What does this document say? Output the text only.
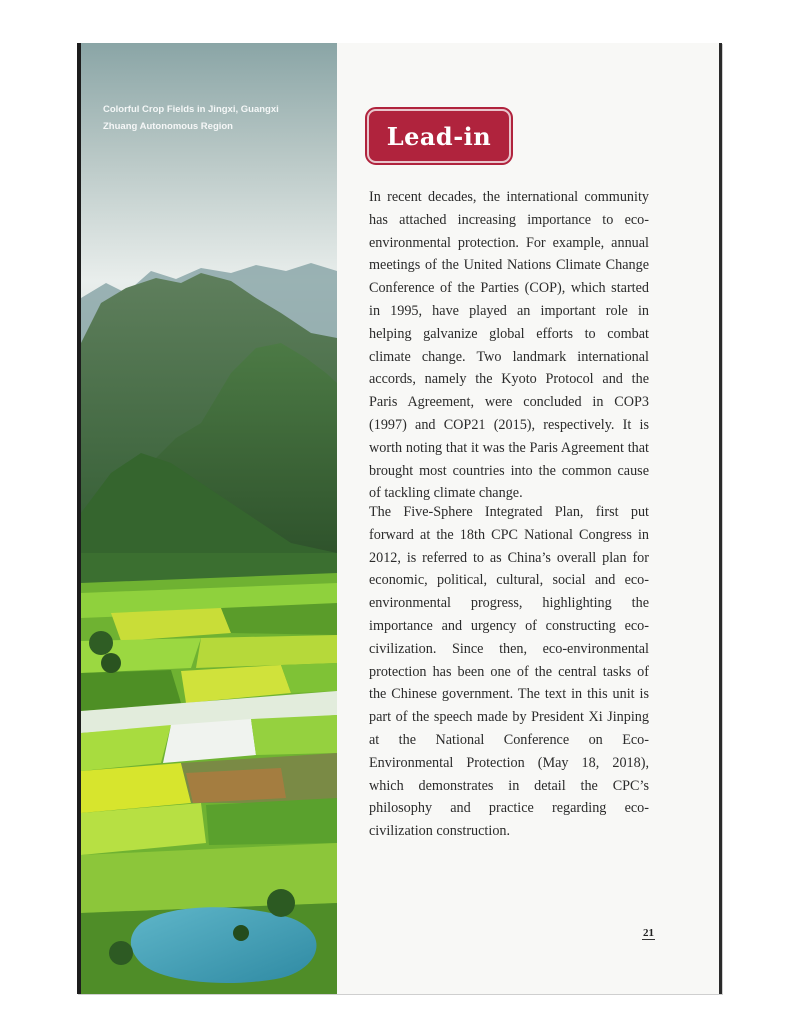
Colorful Crop Fields in Jingxi, Guangxi Zhuang Autonomous Region	Lead-in

In recent decades, the international community has attached increasing importance to eco-environmental protection. For example, annual meetings of the United Nations Climate Change Conference of the Parties (COP), which started in 1995, have played an important role in helping galvanize global efforts to combat climate change. Two landmark international accords, namely the Kyoto Protocol and the Paris Agreement, were concluded in COP3 (1997) and COP21 (2015), respectively. It is worth noting that it was the Paris Agreement that brought most countries into the common cause of tackling climate change.

The Five-Sphere Integrated Plan, first put forward at the 18th CPC National Congress in 2012, is referred to as China’s overall plan for economic, political, cultural, social and eco-environmental progress, highlighting the importance and urgency of constructing eco-civilization. Since then, eco-environmental protection has been one of the central tasks of the Chinese government. The text in this unit is part of the speech made by President Xi Jinping at the National Conference on Eco-Environmental Protection (May 18, 2018), which demonstrates in detail the CPC’s philosophy and practice regarding eco-civilization construction.

21
